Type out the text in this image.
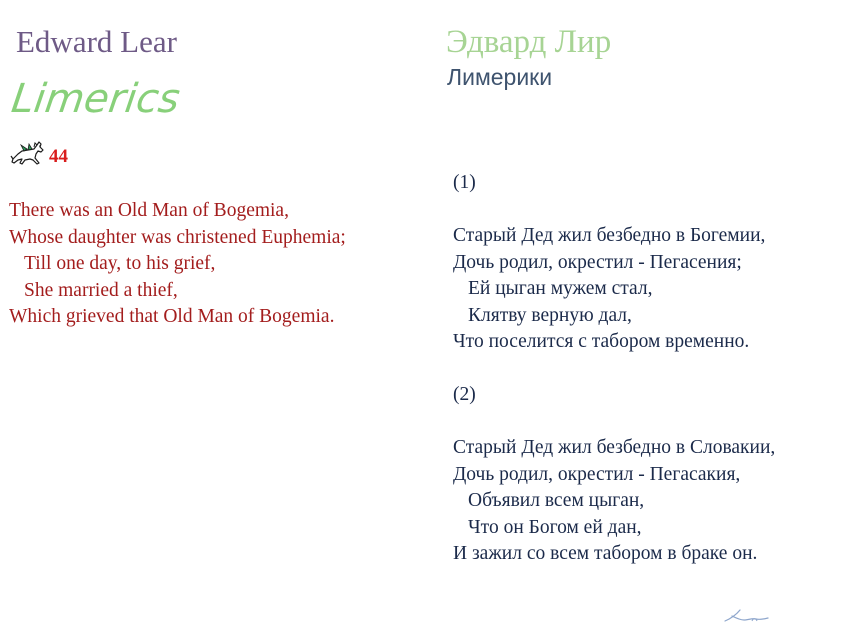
Edward Lear
Limerics
44
There was an Old Man of Bogemia,
Whose daughter was christened Euphemia;
Till one day, to his grief,
She married a thief,
Which grieved that Old Man of Bogemia.
Эдвард Лир
Лимерики
(1)
Старый Дед жил безбедно в Богемии,
Дочь родил, окрестил - Пегасения;
Ей цыган мужем стал,
Клятву верную дал,
Что поселится с табором временно.
(2)
Старый Дед жил безбедно в Словакии,
Дочь родил, окрестил - Пегасакия,
Объявил всем цыган,
Что он Богом ей дан,
И зажил со всем табором в браке он.
